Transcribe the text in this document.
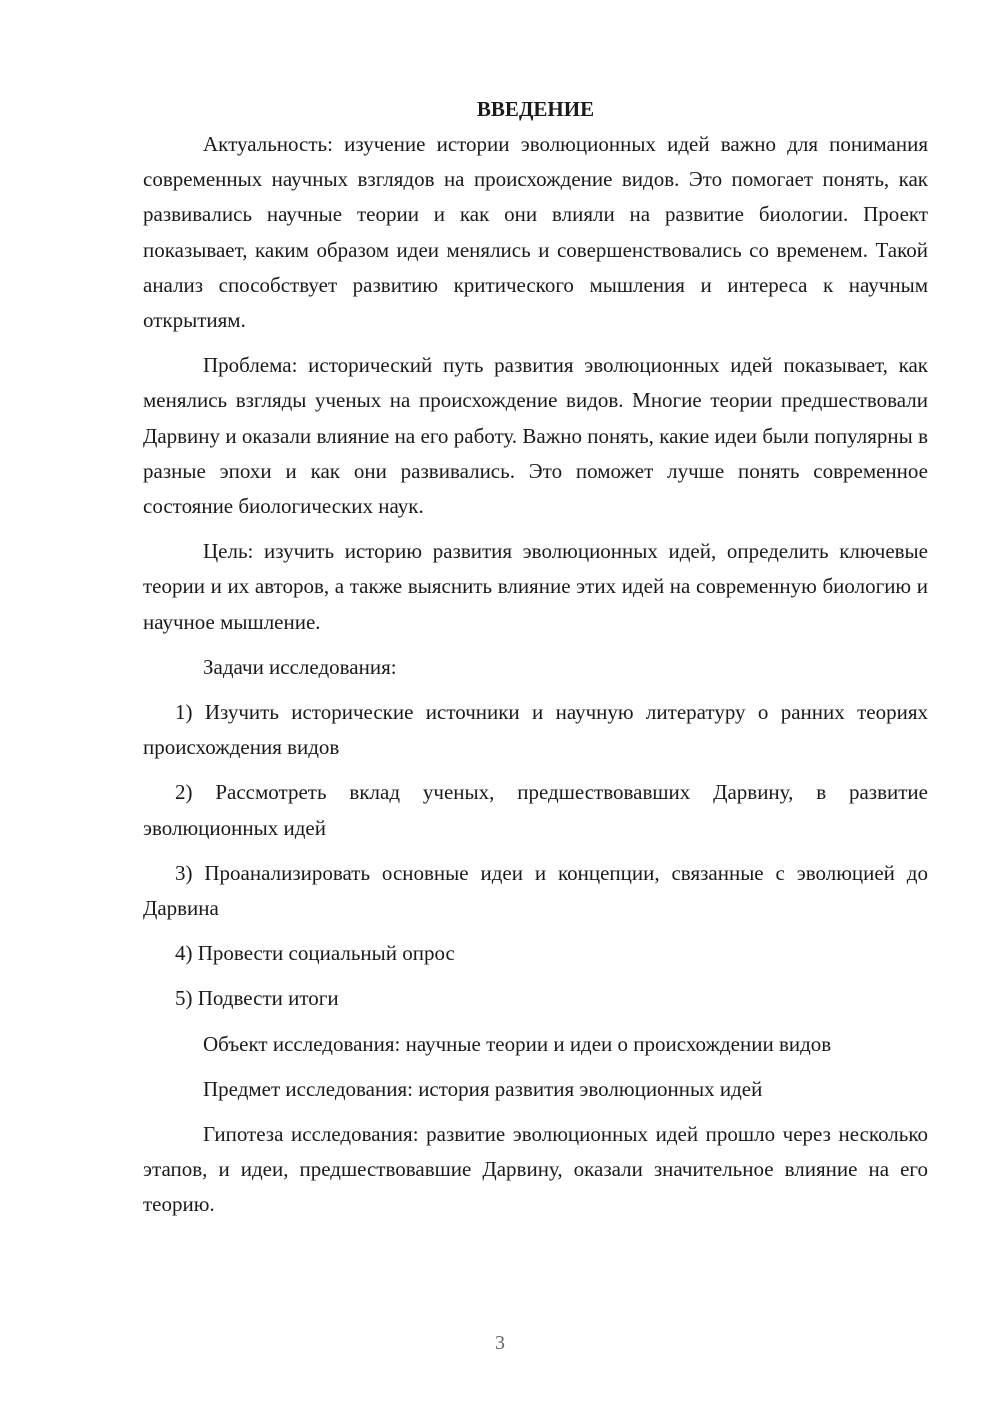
ВВЕДЕНИЕ

Актуальность: изучение истории эволюционных идей важно для понимания современных научных взглядов на происхождение видов. Это помогает понять, как развивались научные теории и как они влияли на развитие биологии. Проект показывает, каким образом идеи менялись и совершенствовались со временем. Такой анализ способствует развитию критического мышления и интереса к научным открытиям.

Проблема: исторический путь развития эволюционных идей показывает, как менялись взгляды ученых на происхождение видов. Многие теории предшествовали Дарвину и оказали влияние на его работу. Важно понять, какие идеи были популярны в разные эпохи и как они развивались. Это поможет лучше понять современное состояние биологических наук.

Цель: изучить историю развития эволюционных идей, определить ключевые теории и их авторов, а также выяснить влияние этих идей на современную биологию и научное мышление.

Задачи исследования:

1) Изучить исторические источники и научную литературу о ранних теориях происхождения видов

2) Рассмотреть вклад ученых, предшествовавших Дарвину, в развитие эволюционных идей

3) Проанализировать основные идеи и концепции, связанные с эволюцией до Дарвина

4) Провести социальный опрос

5) Подвести итоги

Объект исследования: научные теории и идеи о происхождении видов

Предмет исследования: история развития эволюционных идей

Гипотеза исследования: развитие эволюционных идей прошло через несколько этапов, и идеи, предшествовавшие Дарвину, оказали значительное влияние на его теорию.

3
